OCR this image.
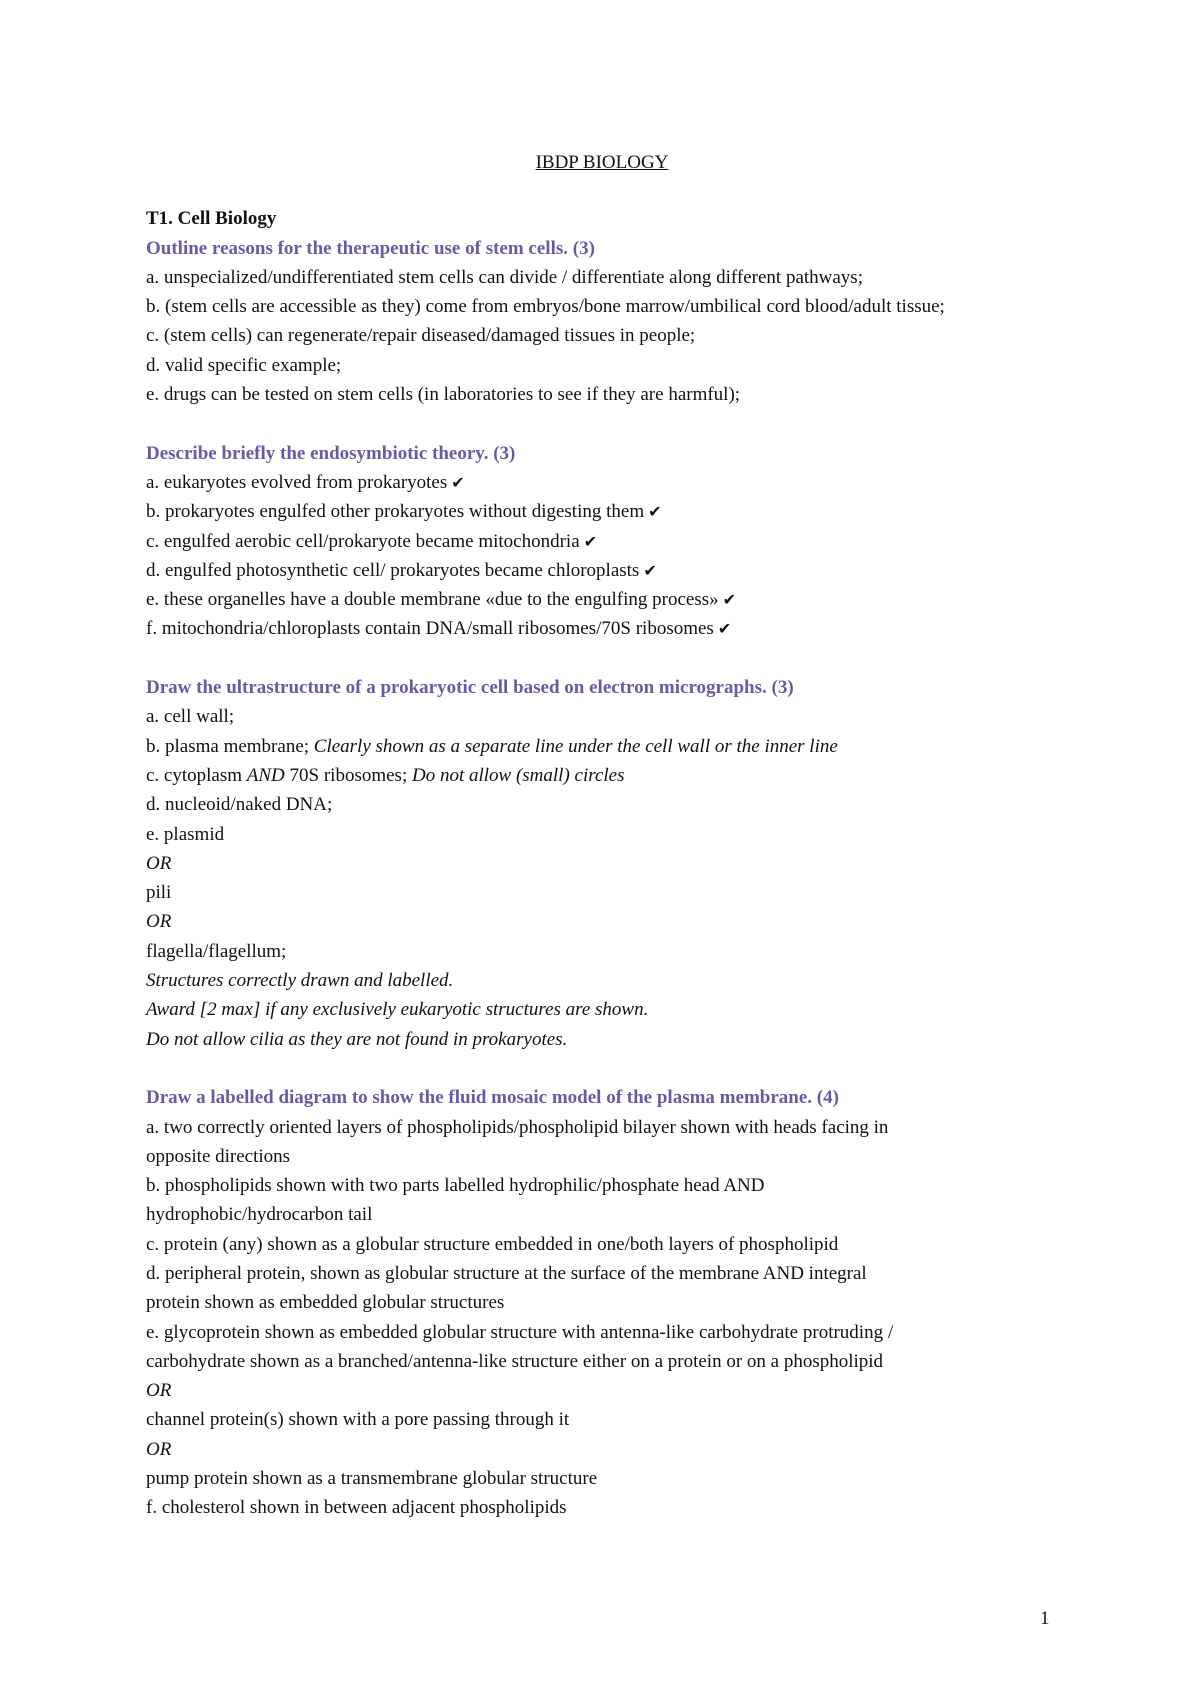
IBDP BIOLOGY

T1. Cell Biology

Outline reasons for the therapeutic use of stem cells. (3)

a. unspecialized/undifferentiated stem cells can divide / differentiate along different pathways;

b. (stem cells are accessible as they) come from embryos/bone marrow/umbilical cord blood/adult tissue;

c. (stem cells) can regenerate/repair diseased/damaged tissues in people;

d. valid specific example;

e. drugs can be tested on stem cells (in laboratories to see if they are harmful);

Describe briefly the endosymbiotic theory. (3)

a. eukaryotes evolved from prokaryotes ✔

b. prokaryotes engulfed other prokaryotes without digesting them ✔

c. engulfed aerobic cell/prokaryote became mitochondria ✔

d. engulfed photosynthetic cell/ prokaryotes became chloroplasts ✔

e. these organelles have a double membrane «due to the engulfing process» ✔

f. mitochondria/chloroplasts contain DNA/small ribosomes/70S ribosomes ✔

Draw the ultrastructure of a prokaryotic cell based on electron micrographs. (3)

a. cell wall;

b. plasma membrane; Clearly shown as a separate line under the cell wall or the inner line

c. cytoplasm AND 70S ribosomes; Do not allow (small) circles

d. nucleoid/naked DNA;

e. plasmid

OR

pili

OR

flagella/flagellum;

Structures correctly drawn and labelled.

Award [2 max] if any exclusively eukaryotic structures are shown.

Do not allow cilia as they are not found in prokaryotes.

Draw a labelled diagram to show the fluid mosaic model of the plasma membrane. (4)

a. two correctly oriented layers of phospholipids/phospholipid bilayer shown with heads facing in

opposite directions

b. phospholipids shown with two parts labelled hydrophilic/phosphate head AND

hydrophobic/hydrocarbon tail

c. protein (any) shown as a globular structure embedded in one/both layers of phospholipid

d. peripheral protein, shown as globular structure at the surface of the membrane AND integral

protein shown as embedded globular structures

e. glycoprotein shown as embedded globular structure with antenna-like carbohydrate protruding /

carbohydrate shown as a branched/antenna-like structure either on a protein or on a phospholipid

OR

channel protein(s) shown with a pore passing through it

OR

pump protein shown as a transmembrane globular structure

f. cholesterol shown in between adjacent phospholipids

1
